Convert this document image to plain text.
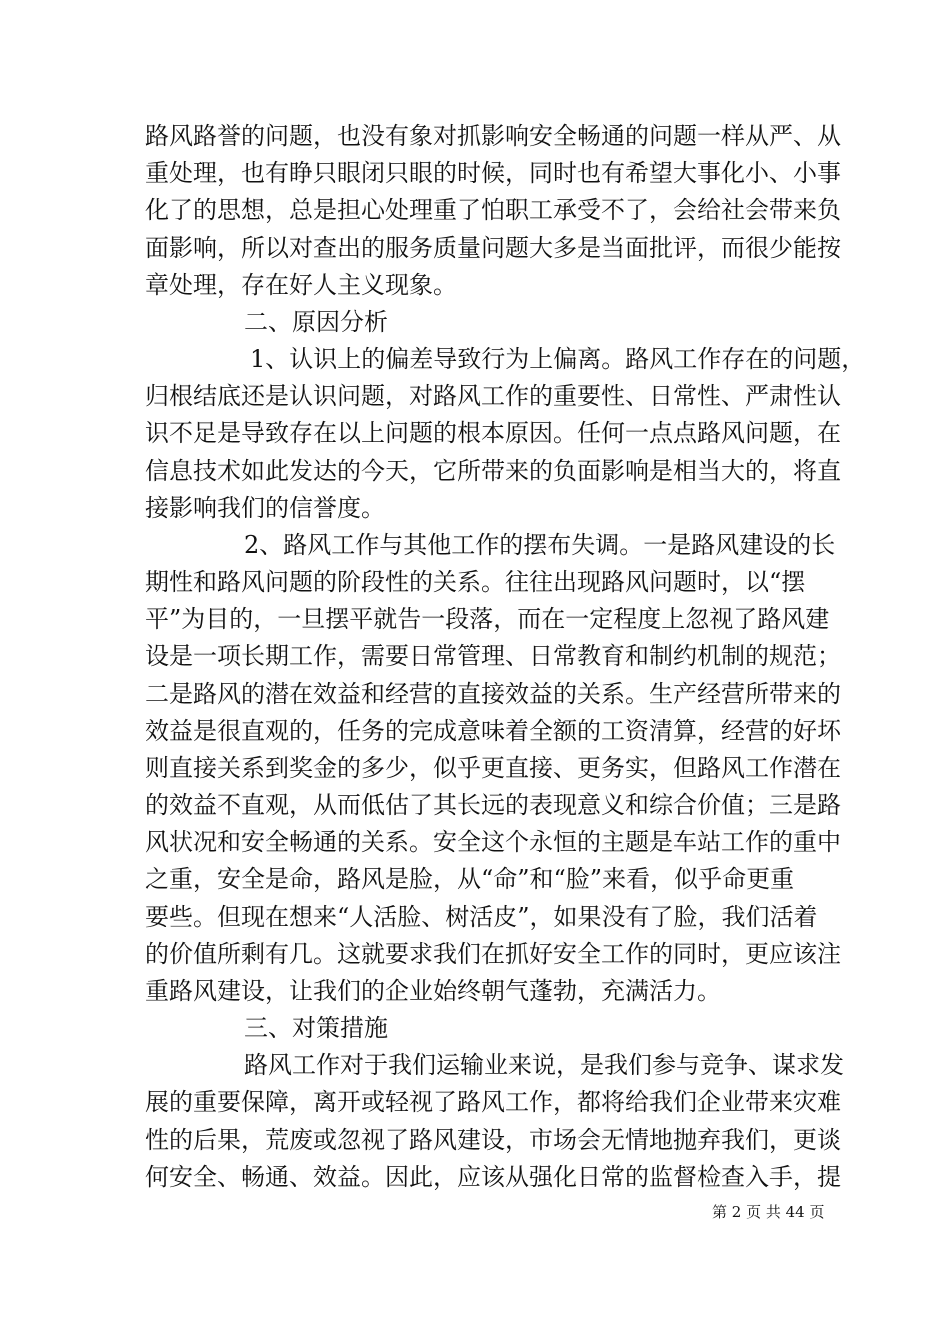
路风路誉的问题，也没有象对抓影响安全畅通的问题一样从严、从
重处理，也有睁只眼闭只眼的时候，同时也有希望大事化小、小事
化了的思想，总是担心处理重了怕职工承受不了，会给社会带来负
面影响，所以对查出的服务质量问题大多是当面批评，而很少能按
章处理，存在好人主义现象。
二、原因分析
1、认识上的偏差导致行为上偏离。路风工作存在的问题，
归根结底还是认识问题，对路风工作的重要性、日常性、严肃性认
识不足是导致存在以上问题的根本原因。任何一点点路风问题，在
信息技术如此发达的今天，它所带来的负面影响是相当大的，将直
接影响我们的信誉度。
2、路风工作与其他工作的摆布失调。一是路风建设的长
期性和路风问题的阶段性的关系。往往出现路风问题时，以“摆
平”为目的，一旦摆平就告一段落，而在一定程度上忽视了路风建
设是一项长期工作，需要日常管理、日常教育和制约机制的规范；
二是路风的潜在效益和经营的直接效益的关系。生产经营所带来的
效益是很直观的，任务的完成意味着全额的工资清算，经营的好坏
则直接关系到奖金的多少，似乎更直接、更务实，但路风工作潜在
的效益不直观，从而低估了其长远的表现意义和综合价值；三是路
风状况和安全畅通的关系。安全这个永恒的主题是车站工作的重中
之重，安全是命，路风是脸，从“命”和“脸”来看，似乎命更重
要些。但现在想来“人活脸、树活皮”，如果没有了脸，我们活着
的价值所剩有几。这就要求我们在抓好安全工作的同时，更应该注
重路风建设，让我们的企业始终朝气蓬勃，充满活力。
三、对策措施
路风工作对于我们运输业来说，是我们参与竞争、谋求发
展的重要保障，离开或轻视了路风工作，都将给我们企业带来灾难
性的后果，荒废或忽视了路风建设，市场会无情地抛弃我们，更谈
何安全、畅通、效益。因此，应该从强化日常的监督检查入手，提
第 2 页 共 44 页
